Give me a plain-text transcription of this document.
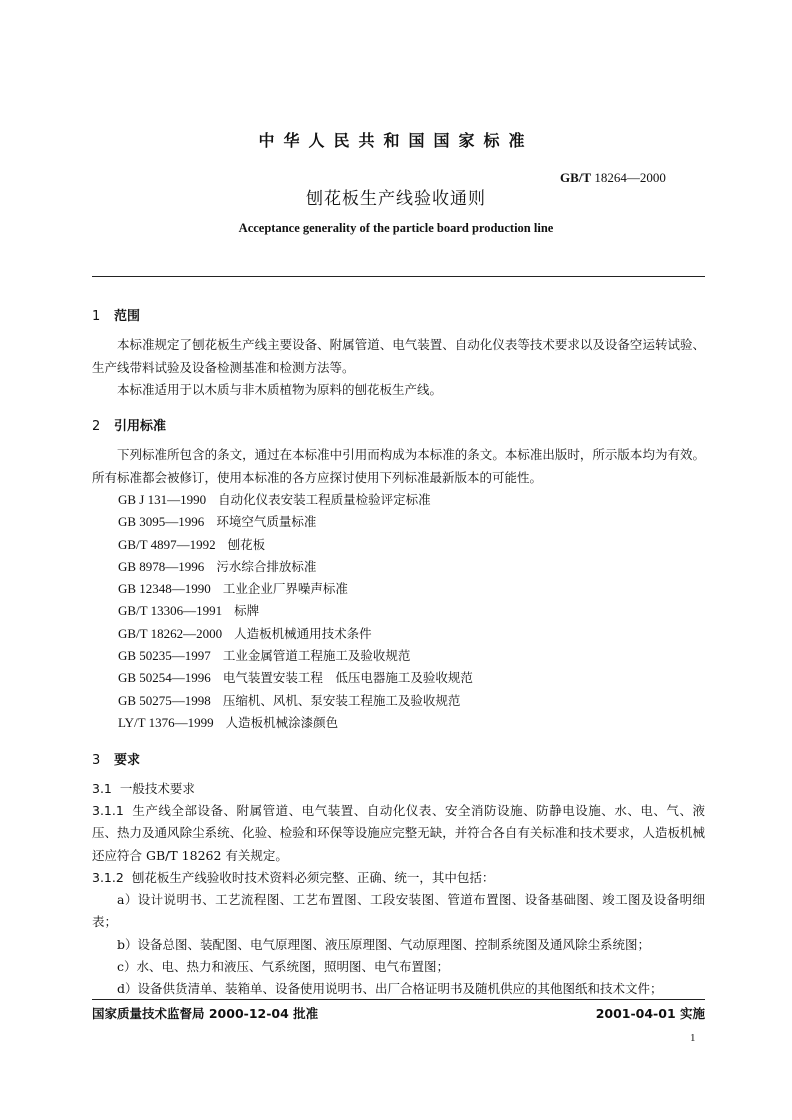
中华人民共和国国家标准
GB/T 18264—2000
刨花板生产线验收通则
Acceptance generality of the particle board production line
1 范围
本标准规定了刨花板生产线主要设备、附属管道、电气装置、自动化仪表等技术要求以及设备空运转试验、生产线带料试验及设备检测基准和检测方法等。
本标准适用于以木质与非木质植物为原料的刨花板生产线。
2 引用标准
下列标准所包含的条文，通过在本标准中引用而构成为本标准的条文。本标准出版时，所示版本均为有效。所有标准都会被修订，使用本标准的各方应探讨使用下列标准最新版本的可能性。
GB J 131—1990 自动化仪表安装工程质量检验评定标准
GB 3095—1996 环境空气质量标准
GB/T 4897—1992 刨花板
GB 8978—1996 污水综合排放标准
GB 12348—1990 工业企业厂界噪声标准
GB/T 13306—1991 标牌
GB/T 18262—2000 人造板机械通用技术条件
GB 50235—1997 工业金属管道工程施工及验收规范
GB 50254—1996 电气装置安装工程　低压电器施工及验收规范
GB 50275—1998 压缩机、风机、泵安装工程施工及验收规范
LY/T 1376—1999 人造板机械涂漆颜色
3 要求
3.1 一般技术要求
3.1.1 生产线全部设备、附属管道、电气装置、自动化仪表、安全消防设施、防静电设施、水、电、气、液压、热力及通风除尘系统、化验、检验和环保等设施应完整无缺，并符合各自有关标准和技术要求，人造板机械还应符合 GB/T 18262 有关规定。
3.1.2 刨花板生产线验收时技术资料必须完整、正确、统一，其中包括：
a）设计说明书、工艺流程图、工艺布置图、工段安装图、管道布置图、设备基础图、竣工图及设备明细表；
b）设备总图、装配图、电气原理图、液压原理图、气动原理图、控制系统图及通风除尘系统图；
c）水、电、热力和液压、气系统图，照明图、电气布置图；
d）设备供货清单、装箱单、设备使用说明书、出厂合格证明书及随机供应的其他图纸和技术文件；
国家质量技术监督局 2000-12-04 批准	2001-04-01 实施
1
